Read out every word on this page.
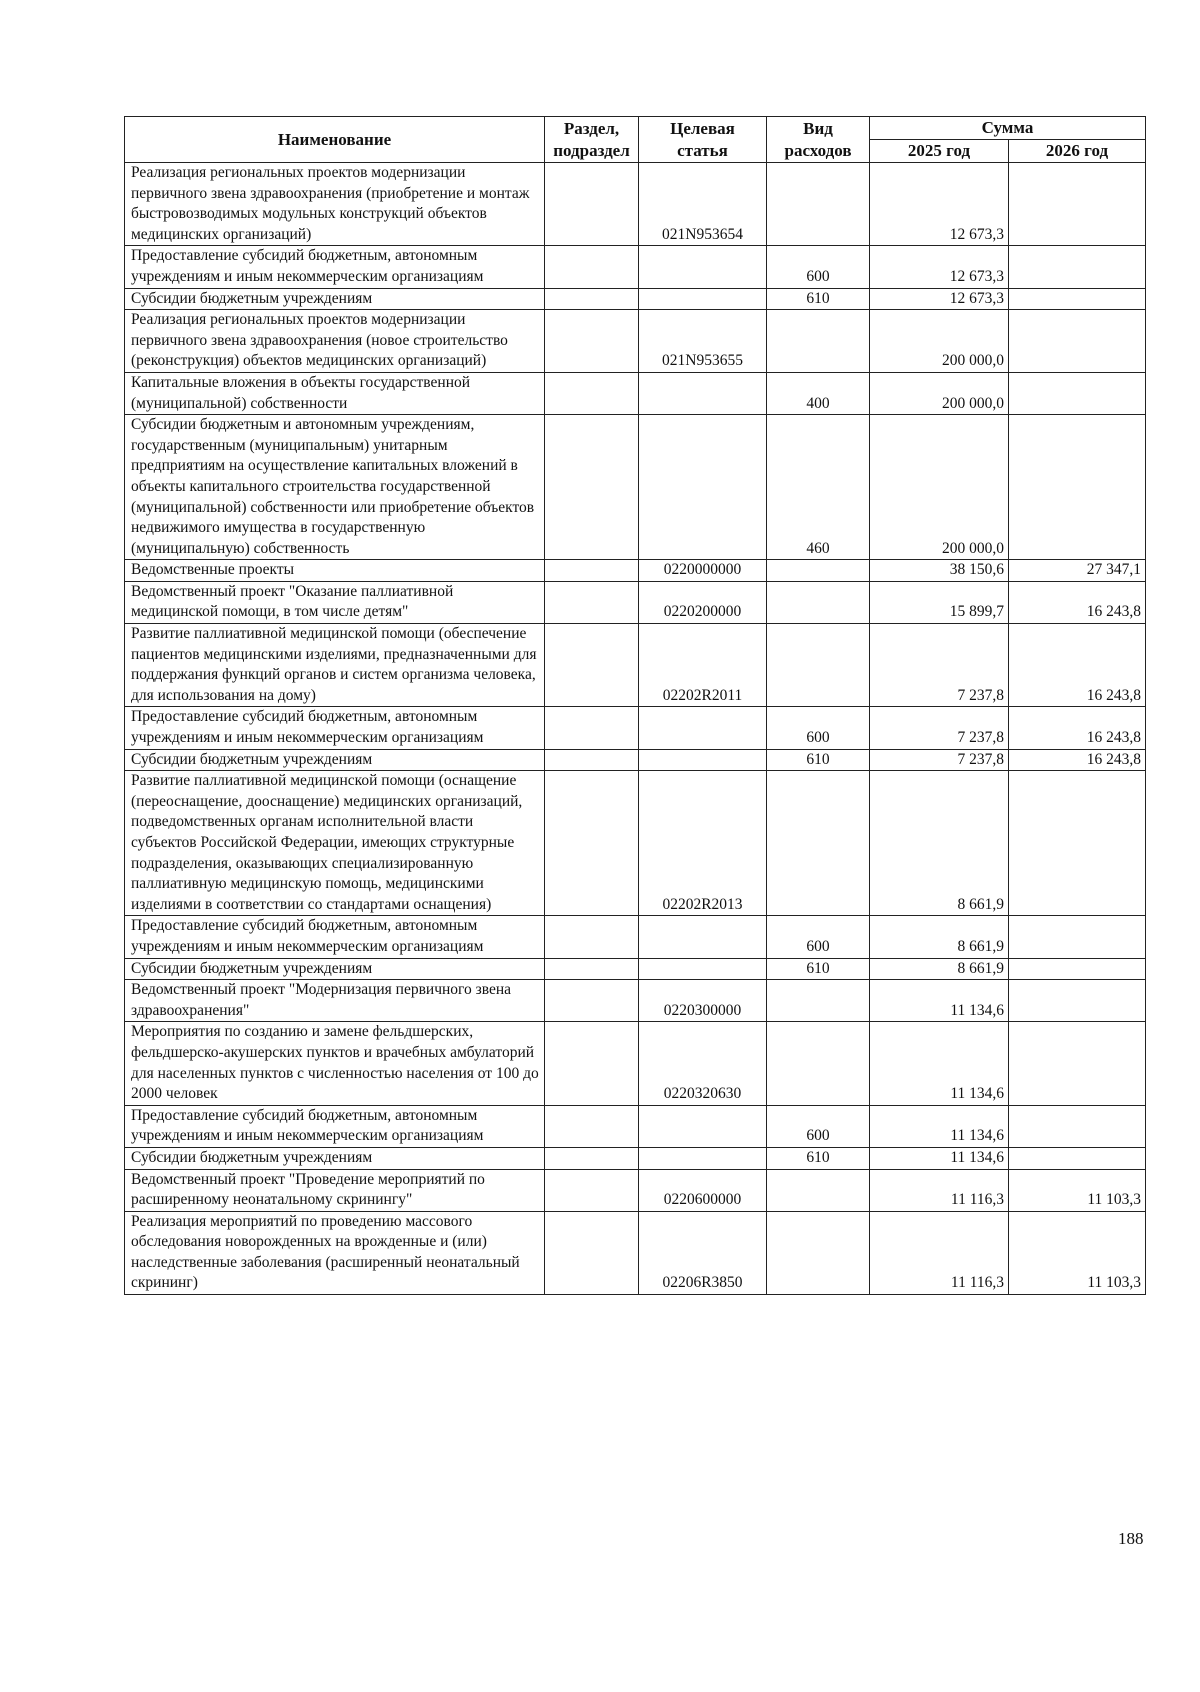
Наименование	Раздел, подраздел	Целевая статья	Вид расходов	Сумма	
				2025 год	2026 год
Реализация региональных проектов модернизации первичного звена здравоохранения (приобретение и монтаж быстровозводимых модульных конструкций объектов медицинских организаций)		021N953654		12 673,3	
Предоставление субсидий бюджетным, автономным учреждениям и иным некоммерческим организациям			600	12 673,3	
Субсидии бюджетным учреждениям			610	12 673,3	
Реализация региональных проектов модернизации первичного звена здравоохранения (новое строительство (реконструкция) объектов медицинских организаций)		021N953655		200 000,0	
Капитальные вложения в объекты государственной (муниципальной) собственности			400	200 000,0	
Субсидии бюджетным и автономным учреждениям, государственным (муниципальным) унитарным предприятиям на осуществление капитальных вложений в объекты капитального строительства государственной (муниципальной) собственности или приобретение объектов недвижимого имущества в государственную (муниципальную) собственность			460	200 000,0	
Ведомственные проекты		0220000000		38 150,6	27 347,1
Ведомственный проект "Оказание паллиативной медицинской помощи, в том числе детям"		0220200000		15 899,7	16 243,8
Развитие паллиативной медицинской помощи (обеспечение пациентов медицинскими изделиями, предназначенными для поддержания функций органов и систем организма человека, для использования на дому)		02202R2011		7 237,8	16 243,8
Предоставление субсидий бюджетным, автономным учреждениям и иным некоммерческим организациям			600	7 237,8	16 243,8
Субсидии бюджетным учреждениям			610	7 237,8	16 243,8
Развитие паллиативной медицинской помощи (оснащение (переоснащение, дооснащение) медицинских организаций, подведомственных органам исполнительной власти субъектов Российской Федерации, имеющих структурные подразделения, оказывающих специализированную паллиативную медицинскую помощь, медицинскими изделиями в соответствии со стандартами оснащения)		02202R2013		8 661,9	
Предоставление субсидий бюджетным, автономным учреждениям и иным некоммерческим организациям			600	8 661,9	
Субсидии бюджетным учреждениям			610	8 661,9	
Ведомственный проект "Модернизация первичного звена здравоохранения"		0220300000		11 134,6	
Мероприятия по созданию и замене фельдшерских, фельдшерско-акушерских пунктов и врачебных амбулаторий для населенных пунктов с численностью населения от 100 до 2000 человек		0220320630		11 134,6	
Предоставление субсидий бюджетным, автономным учреждениям и иным некоммерческим организациям			600	11 134,6	
Субсидии бюджетным учреждениям			610	11 134,6	
Ведомственный проект "Проведение мероприятий по расширенному неонатальному скринингу"		0220600000		11 116,3	11 103,3
Реализация мероприятий по проведению массового обследования новорожденных на врожденные и (или) наследственные заболевания (расширенный неонатальный скрининг)		02206R3850		11 116,3	11 103,3
188
